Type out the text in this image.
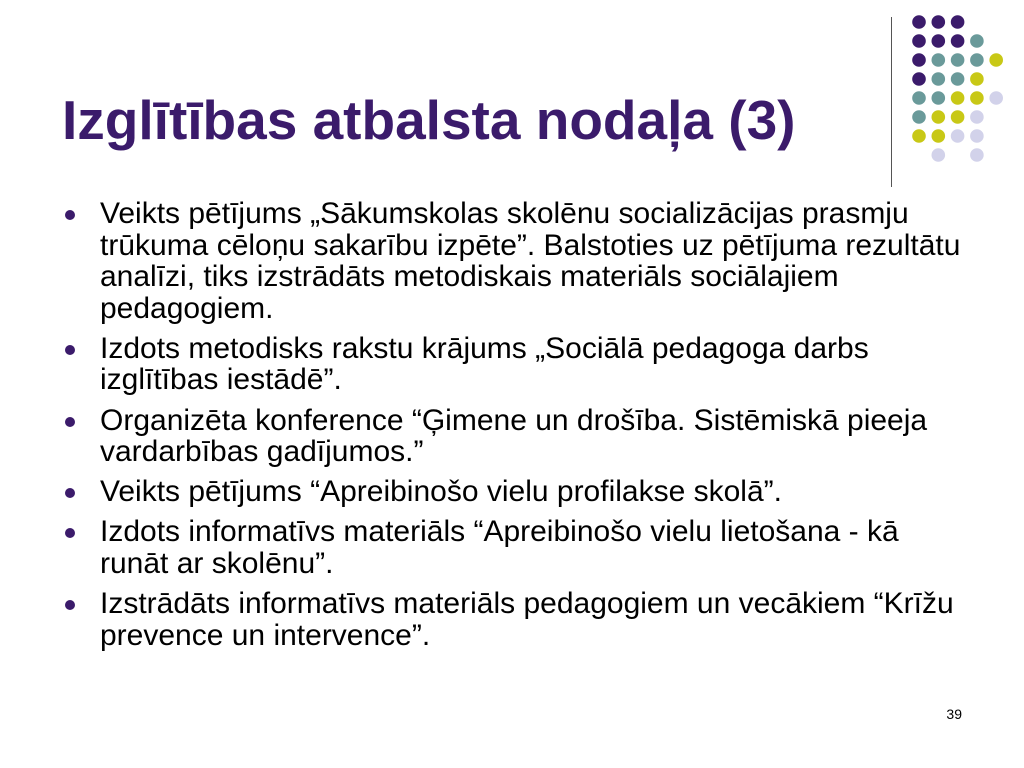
Izglītības atbalsta nodaļa (3)
Veikts pētījums „Sākumskolas skolēnu socializācijas prasmju
trūkuma cēloņu sakarību izpēte”. Balstoties uz pētījuma rezultātu
analīzi, tiks izstrādāts metodiskais materiāls sociālajiem
pedagogiem.
Izdots metodisks rakstu krājums „Sociālā pedagoga darbs
izglītības iestādē”.
Organizēta konference “Ģimene un drošība. Sistēmiskā pieeja
vardarbības gadījumos.”
Veikts pētījums “Apreibinošo vielu profilakse skolā”.
Izdots informatīvs materiāls “Apreibinošo vielu lietošana - kā
runāt ar skolēnu”.
Izstrādāts informatīvs materiāls pedagogiem un vecākiem “Krīžu
prevence un intervence”.
39
